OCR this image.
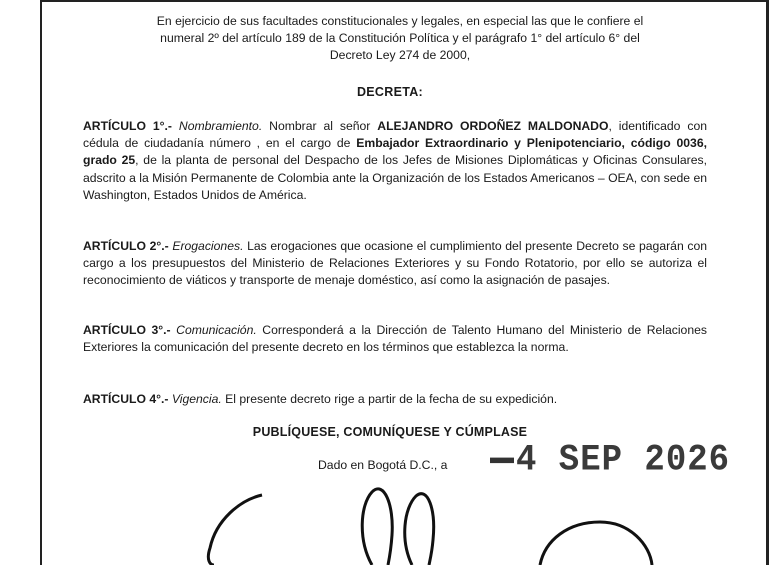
En ejercicio de sus facultades constitucionales y legales, en especial las que le confiere el
numeral 2º del artículo 189 de la Constitución Política y el parágrafo 1° del artículo 6° del
Decreto Ley 274 de 2000,
DECRETA:
ARTÍCULO 1°.- Nombramiento. Nombrar al señor ALEJANDRO ORDOÑEZ MALDONADO, identificado con cédula de ciudadanía número , en el cargo de Embajador Extraordinario y Plenipotenciario, código 0036, grado 25, de la planta de personal del Despacho de los Jefes de Misiones Diplomáticas y Oficinas Consulares, adscrito a la Misión Permanente de Colombia ante la Organización de los Estados Americanos – OEA, con sede en Washington, Estados Unidos de América.
ARTÍCULO 2°.- Erogaciones. Las erogaciones que ocasione el cumplimiento del presente Decreto se pagarán con cargo a los presupuestos del Ministerio de Relaciones Exteriores y su Fondo Rotatorio, por ello se autoriza el reconocimiento de viáticos y transporte de menaje doméstico, así como la asignación de pasajes.
ARTÍCULO 3°.- Comunicación. Corresponderá a la Dirección de Talento Humano del Ministerio de Relaciones Exteriores la comunicación del presente decreto en los términos que establezca la norma.
ARTÍCULO 4°.- Vigencia. El presente decreto rige a partir de la fecha de su expedición.
PUBLÍQUESE, COMUNÍQUESE Y CÚMPLASE
Dado en Bogotá D.C., a	4 SEP 2026
